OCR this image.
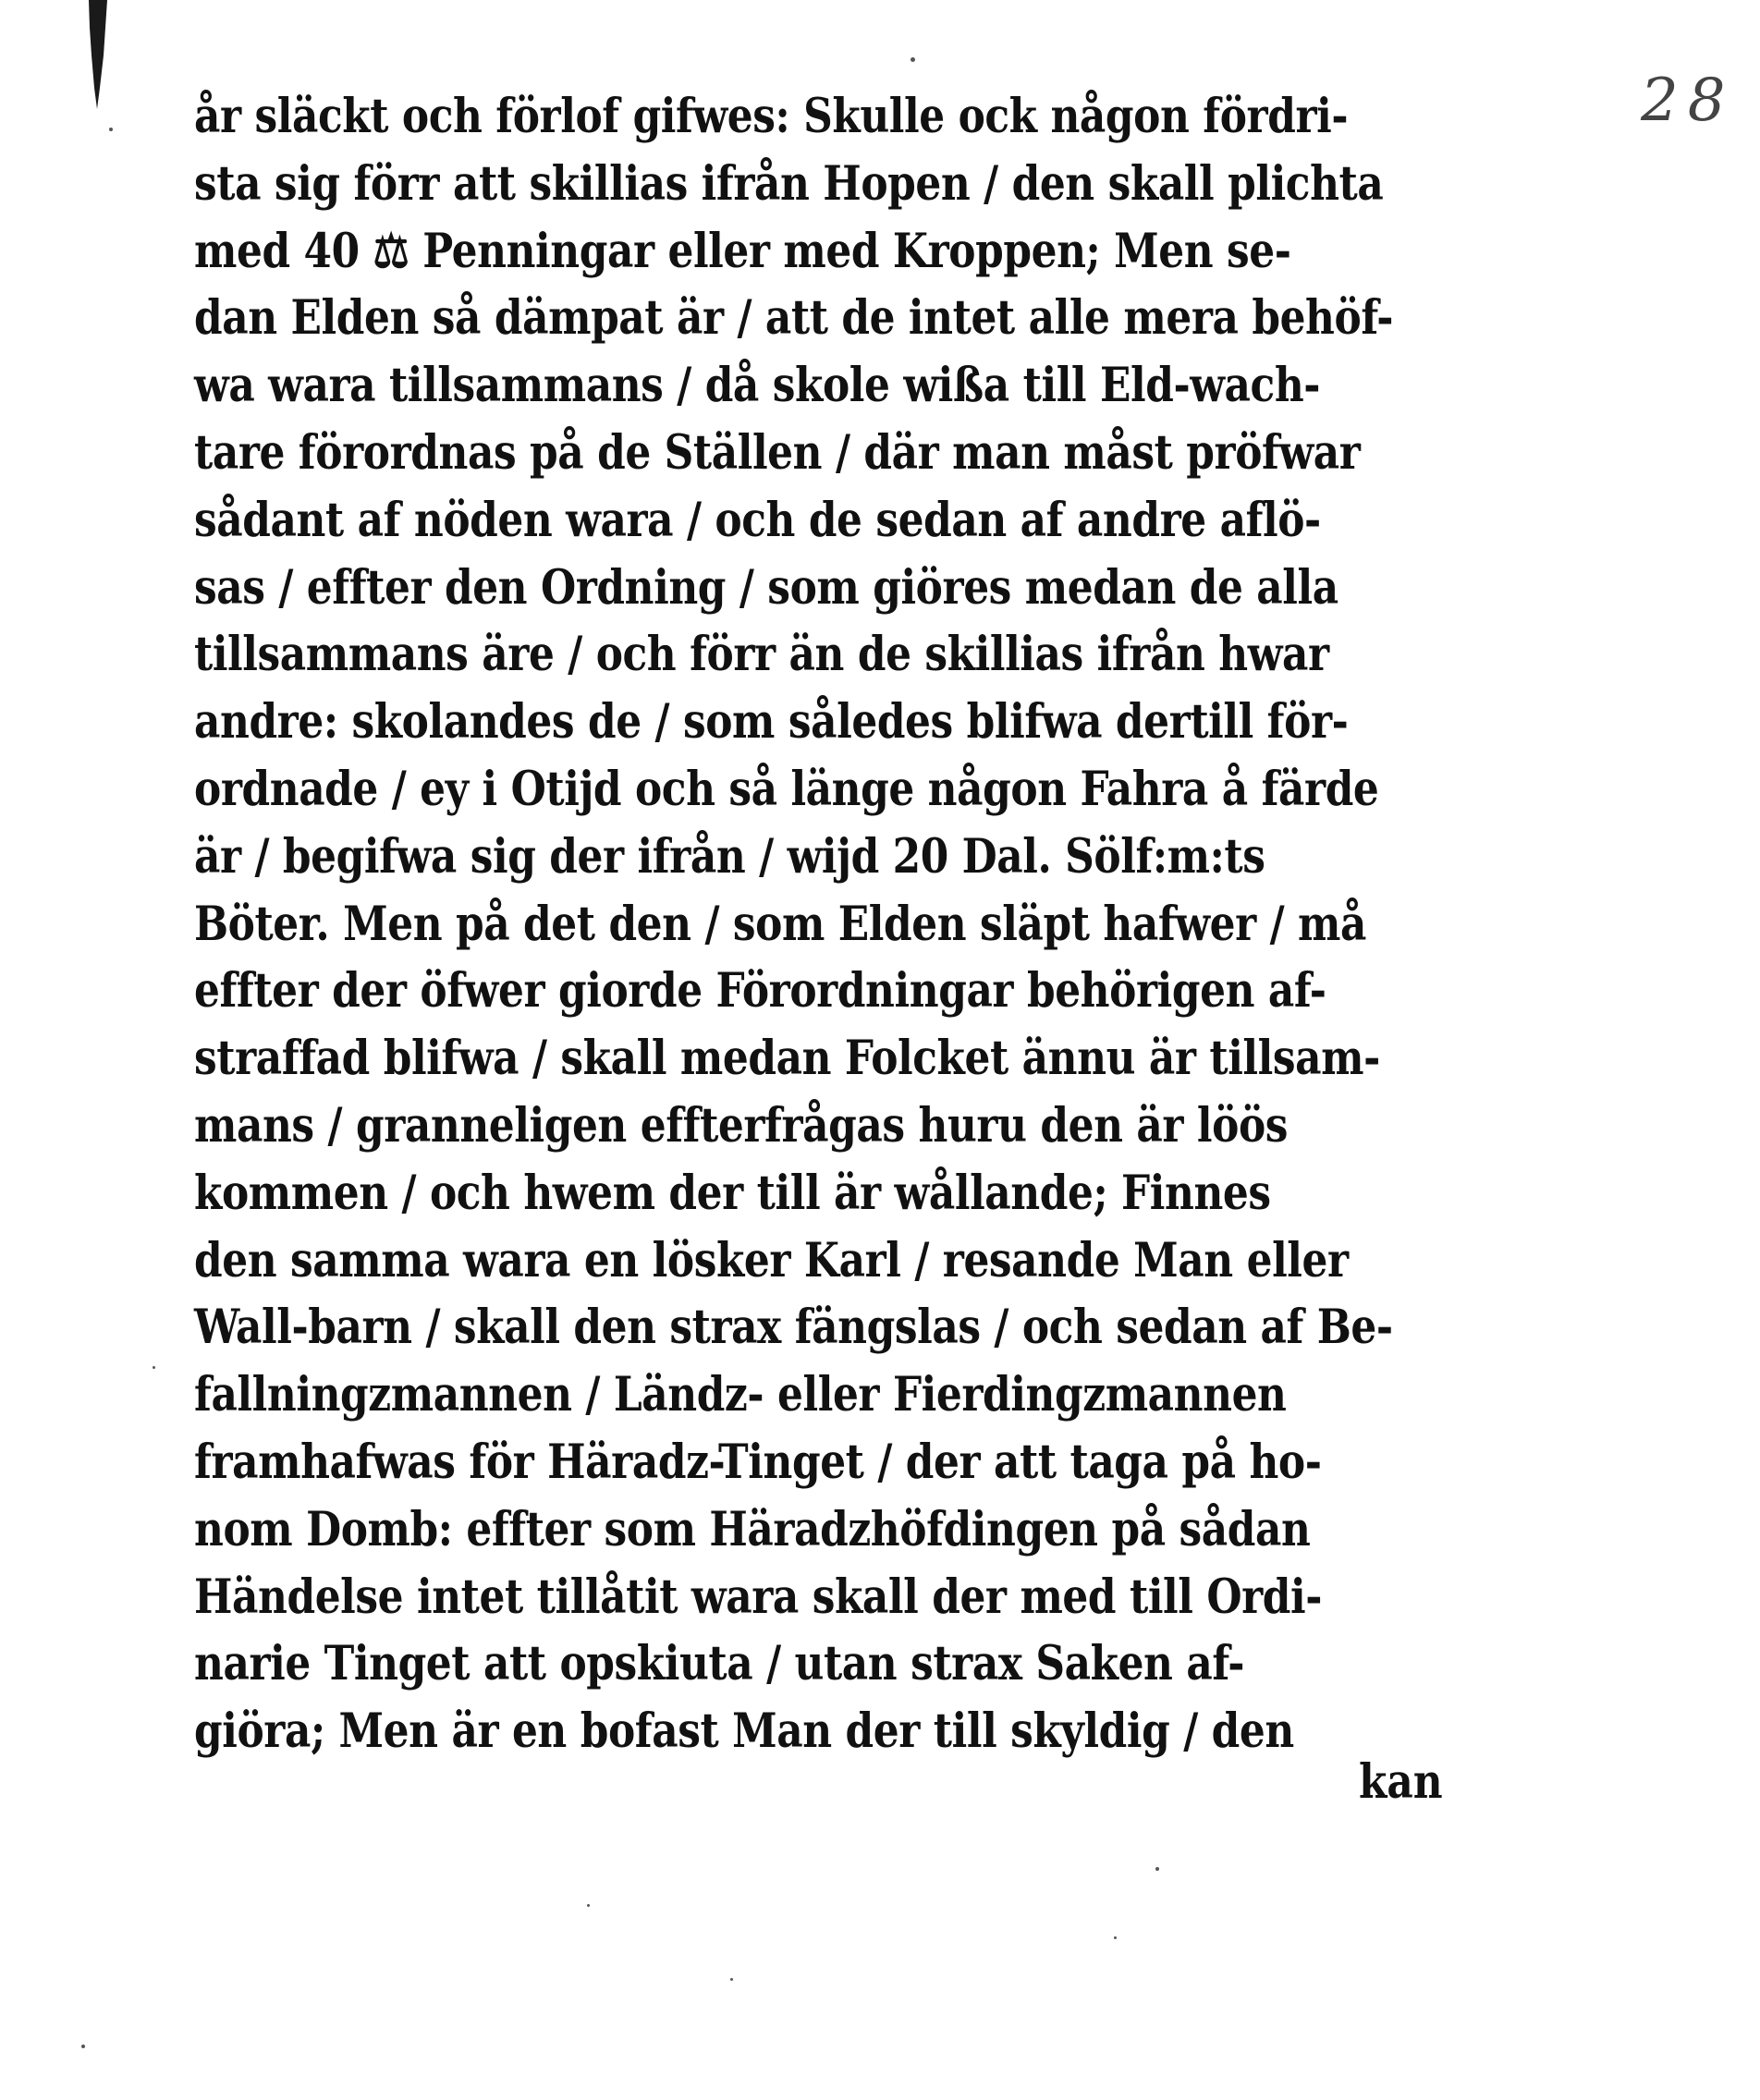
28
år släckt och förlof gifwes: Skulle ock någon fördri-
sta sig förr att skillias ifrån Hopen / den skall plichta
med 40 ⚖ Penningar eller med Kroppen; Men se-
dan Elden så dämpat är / att de intet alle mera behöf-
wa wara tillsammans / då skole wißa till Eld-wach-
tare förordnas på de Ställen / där man måst pröfwar
sådant af nöden wara / och de sedan af andre aflö-
sas / effter den Ordning / som giöres medan de alla
tillsammans äre / och förr än de skillias ifrån hwar
andre: skolandes de / som således blifwa dertill för-
ordnade / ey i Otijd och så länge någon Fahra å färde
är / begifwa sig der ifrån / wijd 20 Dal. Sölf:m:ts
Böter. Men på det den / som Elden släpt hafwer / må
effter der öfwer giorde Förordningar behörigen af-
straffad blifwa / skall medan Folcket ännu är tillsam-
mans / granneligen effterfrågas huru den är löös
kommen / och hwem der till är wållande; Finnes
den samma wara en lösker Karl / resande Man eller
Wall-barn / skall den strax fängslas / och sedan af Be-
fallningzmannen / Ländz- eller Fierdingzmannen
framhafwas för Häradz-Tinget / der att taga på ho-
nom Domb: effter som Häradzhöfdingen på sådan
Händelse intet tillåtit wara skall der med till Ordi-
narie Tinget att opskiuta / utan strax Saken af-
giöra; Men är en bofast Man der till skyldig / den
kan
